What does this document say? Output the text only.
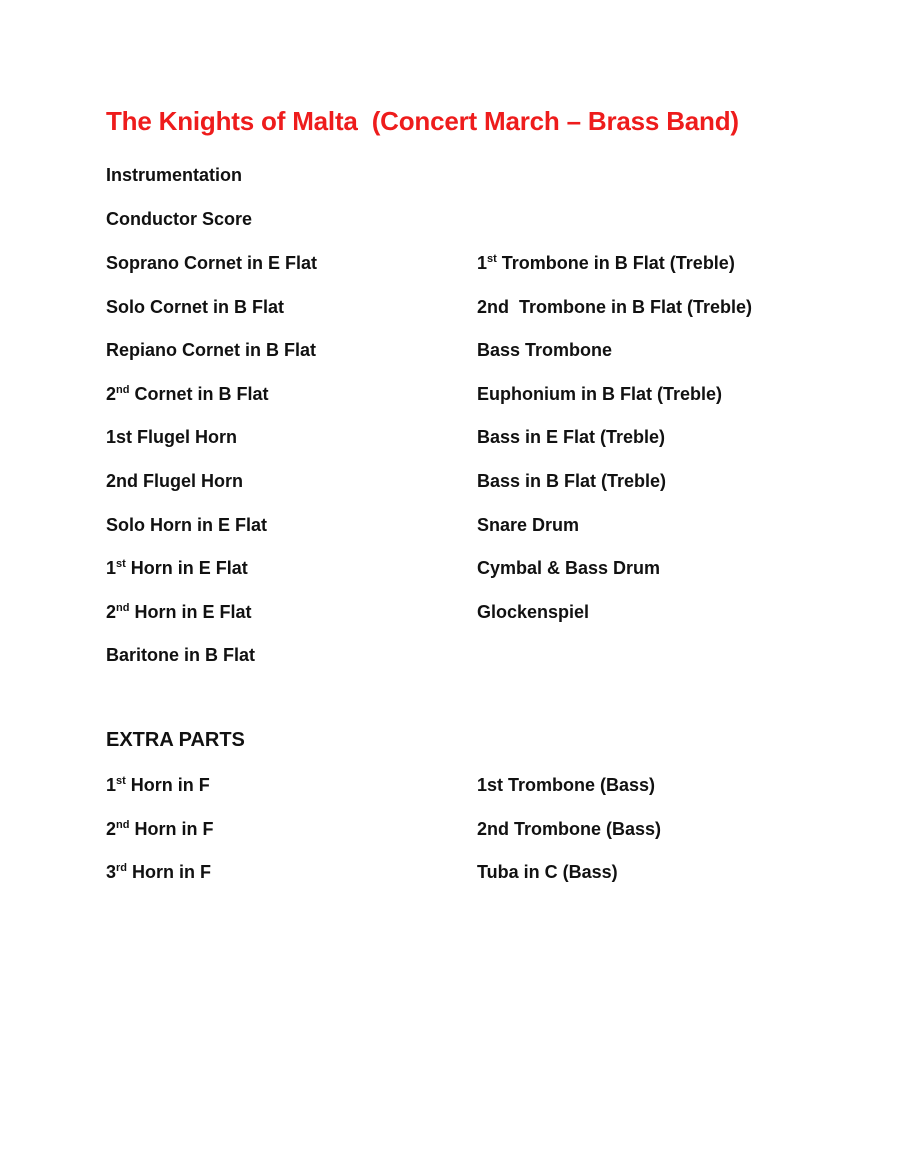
The Knights of Malta  (Concert March – Brass Band)
Instrumentation
Conductor Score
Soprano Cornet in E Flat
Solo Cornet in B Flat
Repiano Cornet in B Flat
2nd Cornet in B Flat
1st Flugel Horn
2nd Flugel Horn
Solo Horn in E Flat
1st Horn in E Flat
2nd Horn in E Flat
Baritone in B Flat
1st Trombone in B Flat (Treble)
2nd  Trombone in B Flat (Treble)
Bass Trombone
Euphonium in B Flat (Treble)
Bass in E Flat (Treble)
Bass in B Flat (Treble)
Snare Drum
Cymbal & Bass Drum
Glockenspiel
EXTRA PARTS
1st Horn in F
2nd Horn in F
3rd Horn in F
1st Trombone (Bass)
2nd Trombone (Bass)
Tuba in C (Bass)
